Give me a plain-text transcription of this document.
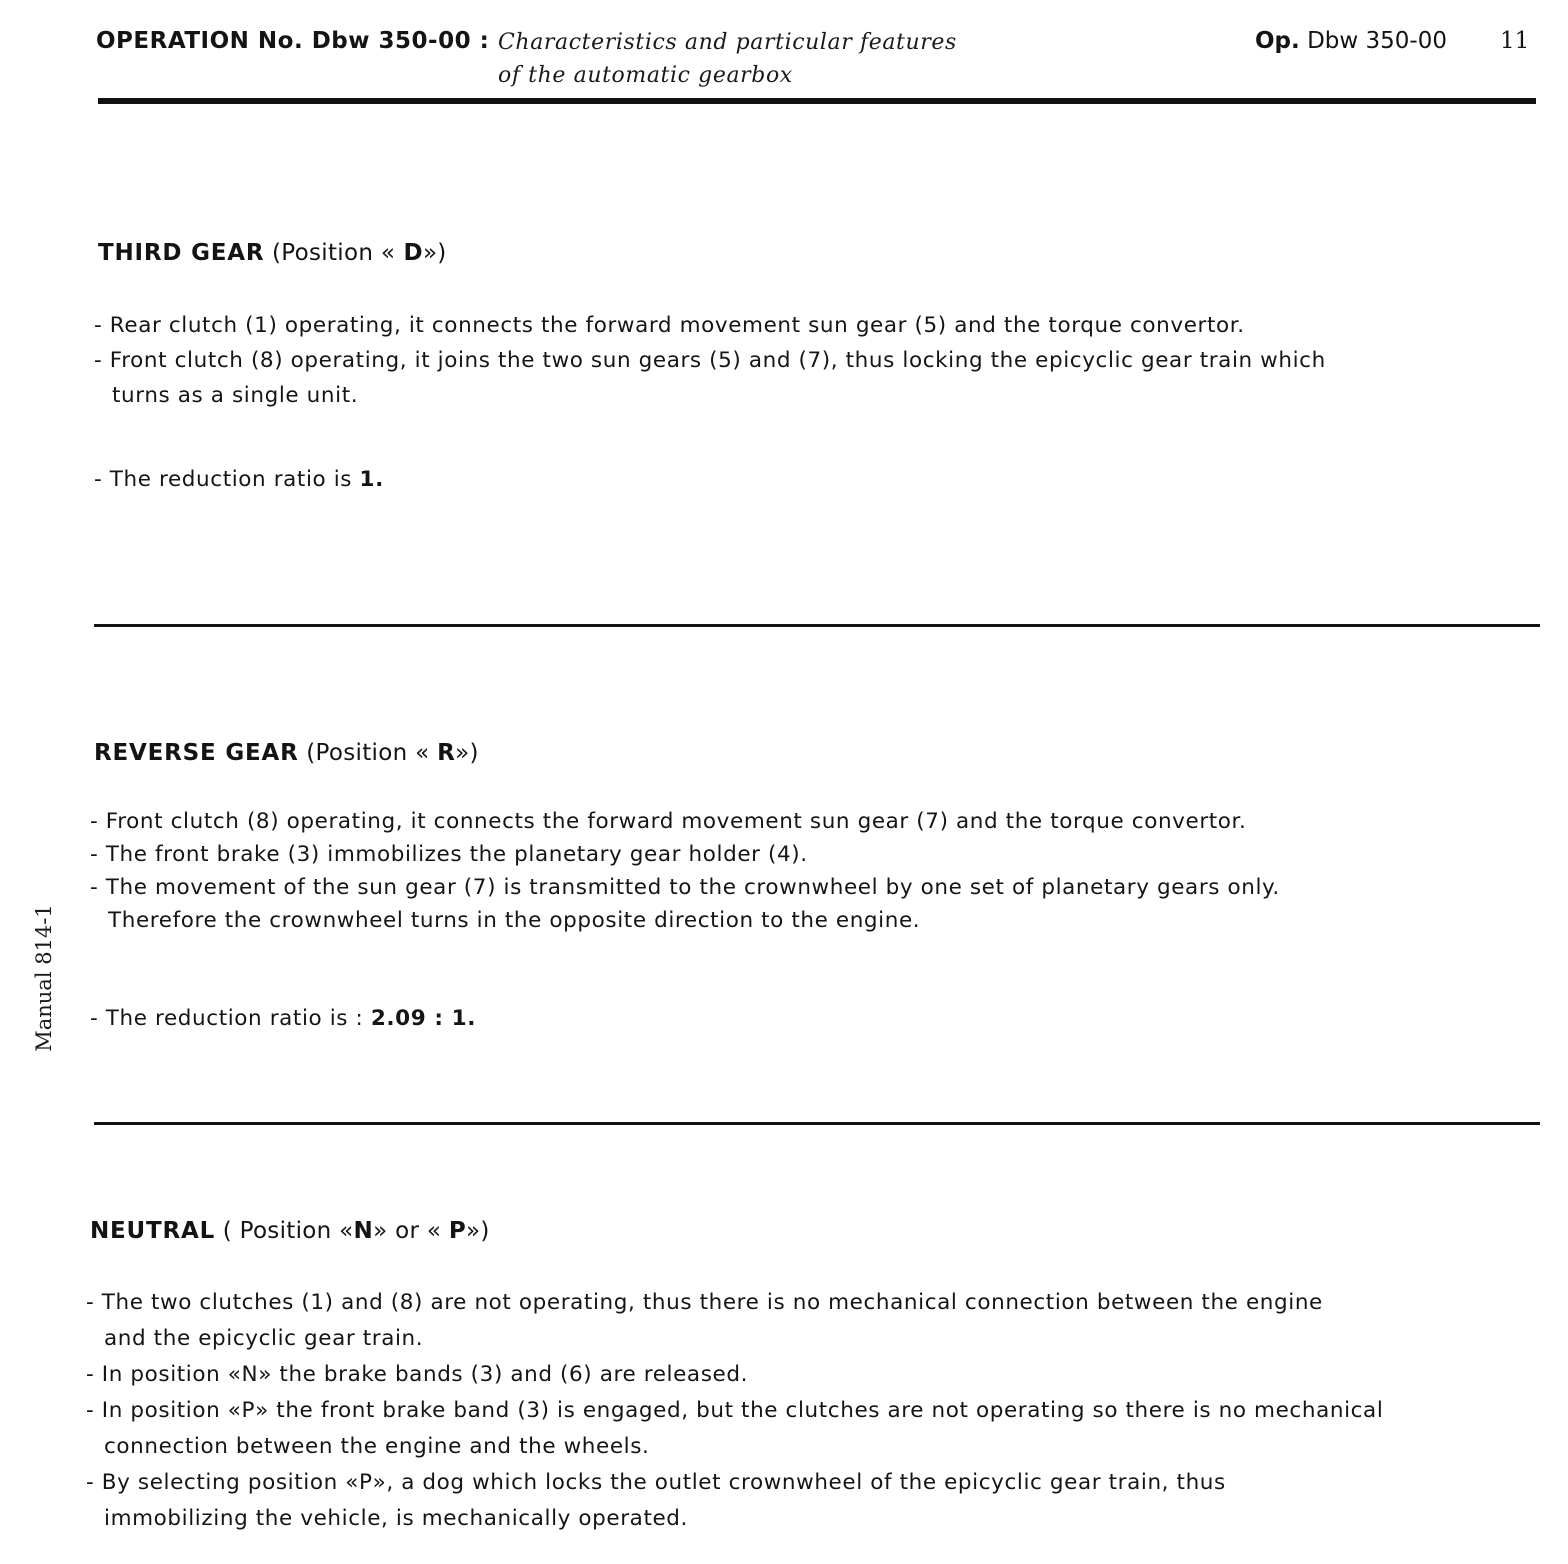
OPERATION No. Dbw 350-00 : Characteristics and particular features
of the automatic gearbox
Op. Dbw 350-00 11
Manual 814-1
THIRD GEAR (Position « D»)
- Rear clutch (1) operating, it connects the forward movement sun gear (5) and the torque convertor.
- Front clutch (8) operating, it joins the two sun gears (5) and (7), thus locking the epicyclic gear train which
turns as a single unit.
- The reduction ratio is 1.
REVERSE GEAR (Position « R»)
- Front clutch (8) operating, it connects the forward movement sun gear (7) and the torque convertor.
- The front brake (3) immobilizes the planetary gear holder (4).
- The movement of the sun gear (7) is transmitted to the crownwheel by one set of planetary gears only.
Therefore the crownwheel turns in the opposite direction to the engine.
- The reduction ratio is : 2.09 : 1.
NEUTRAL ( Position «N» or « P»)
- The two clutches (1) and (8) are not operating, thus there is no mechanical connection between the engine
and the epicyclic gear train.
- In position «N» the brake bands (3) and (6) are released.
- In position «P» the front brake band (3) is engaged, but the clutches are not operating so there is no mechanical
connection between the engine and the wheels.
- By selecting position «P», a dog which locks the outlet crownwheel of the epicyclic gear train, thus
immobilizing the vehicle, is mechanically operated.
